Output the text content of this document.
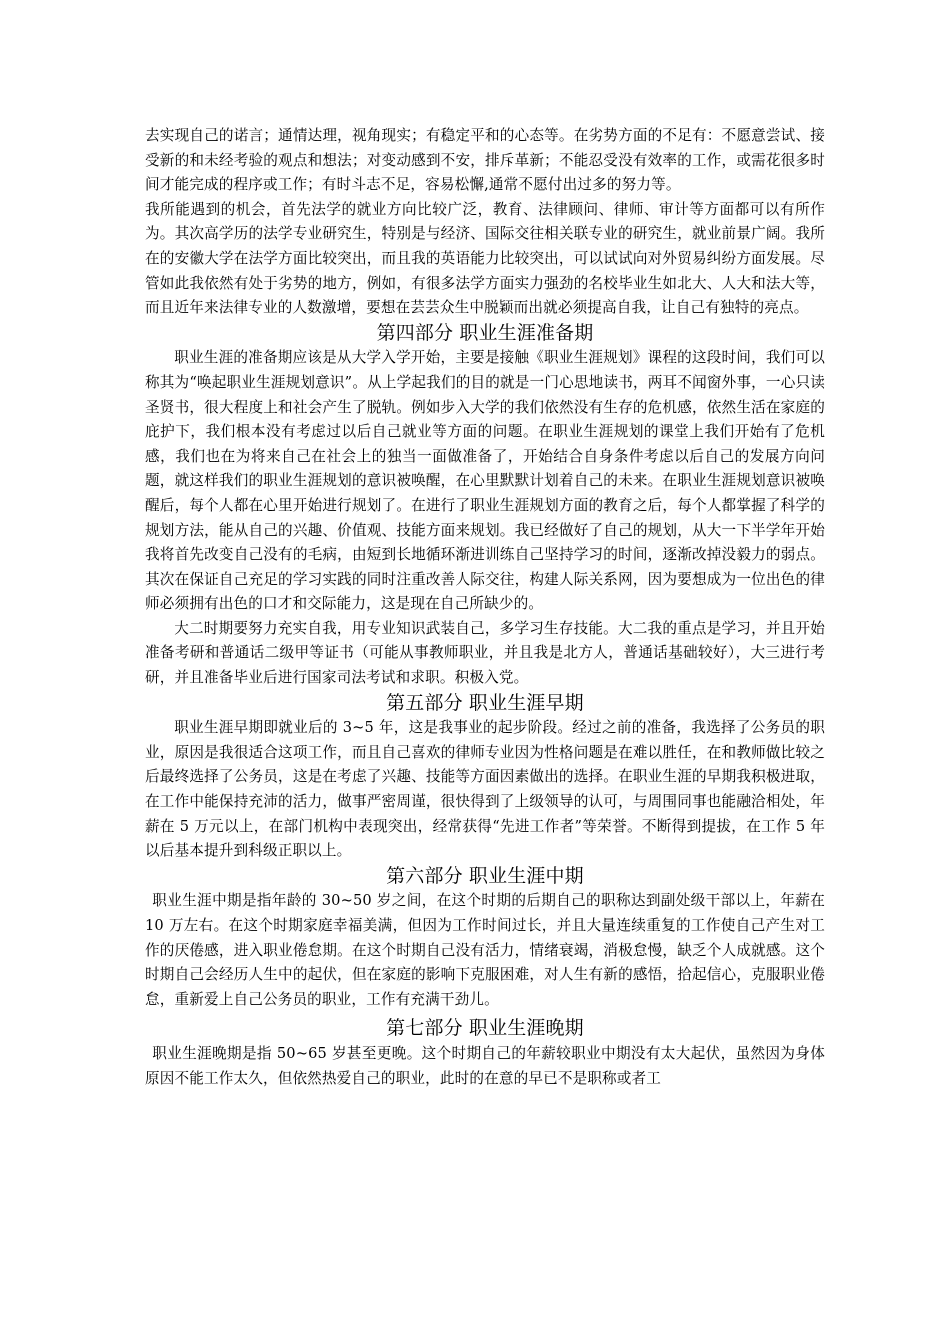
去实现自己的诺言；通情达理，视角现实；有稳定平和的心态等。在劣势方面的不足有：不愿意尝试、接受新的和未经考验的观点和想法；对变动感到不安，排斥革新；不能忍受没有效率的工作，或需花很多时间才能完成的程序或工作；有时斗志不足，容易松懈,通常不愿付出过多的努力等。

我所能遇到的机会，首先法学的就业方向比较广泛，教育、法律顾问、律师、审计等方面都可以有所作为。其次高学历的法学专业研究生，特别是与经济、国际交往相关联专业的研究生，就业前景广阔。我所在的安徽大学在法学方面比较突出，而且我的英语能力比较突出，可以试试向对外贸易纠纷方面发展。尽管如此我依然有处于劣势的地方，例如，有很多法学方面实力强劲的名校毕业生如北大、人大和法大等，而且近年来法律专业的人数激增，要想在芸芸众生中脱颖而出就必须提高自我，让自己有独特的亮点。

第四部分 职业生涯准备期

职业生涯的准备期应该是从大学入学开始，主要是接触《职业生涯规划》课程的这段时间，我们可以称其为“唤起职业生涯规划意识”。从上学起我们的目的就是一门心思地读书，两耳不闻窗外事，一心只读圣贤书，很大程度上和社会产生了脱轨。例如步入大学的我们依然没有生存的危机感，依然生活在家庭的庇护下，我们根本没有考虑过以后自己就业等方面的问题。在职业生涯规划的课堂上我们开始有了危机感，我们也在为将来自己在社会上的独当一面做准备了，开始结合自身条件考虑以后自己的发展方向问题，就这样我们的职业生涯规划的意识被唤醒，在心里默默计划着自己的未来。在职业生涯规划意识被唤醒后，每个人都在心里开始进行规划了。在进行了职业生涯规划方面的教育之后，每个人都掌握了科学的规划方法，能从自己的兴趣、价值观、技能方面来规划。我已经做好了自己的规划，从大一下半学年开始我将首先改变自己没有的毛病，由短到长地循环渐进训练自己坚持学习的时间，逐渐改掉没毅力的弱点。其次在保证自己充足的学习实践的同时注重改善人际交往，构建人际关系网，因为要想成为一位出色的律师必须拥有出色的口才和交际能力，这是现在自己所缺少的。

大二时期要努力充实自我，用专业知识武装自己，多学习生存技能。大二我的重点是学习，并且开始准备考研和普通话二级甲等证书（可能从事教师职业，并且我是北方人，普通话基础较好），大三进行考研，并且准备毕业后进行国家司法考试和求职。积极入党。

第五部分 职业生涯早期

职业生涯早期即就业后的 3~5 年，这是我事业的起步阶段。经过之前的准备，我选择了公务员的职业，原因是我很适合这项工作，而且自己喜欢的律师专业因为性格问题是在难以胜任，在和教师做比较之后最终选择了公务员，这是在考虑了兴趣、技能等方面因素做出的选择。在职业生涯的早期我积极进取，在工作中能保持充沛的活力，做事严密周谨，很快得到了上级领导的认可，与周围同事也能融洽相处，年薪在 5 万元以上，在部门机构中表现突出，经常获得“先进工作者”等荣誉。不断得到提拔，在工作 5 年以后基本提升到科级正职以上。

第六部分 职业生涯中期

职业生涯中期是指年龄的 30~50 岁之间，在这个时期的后期自己的职称达到副处级干部以上，年薪在 10 万左右。在这个时期家庭幸福美满，但因为工作时间过长，并且大量连续重复的工作使自己产生对工作的厌倦感，进入职业倦怠期。在这个时期自己没有活力，情绪衰竭，消极怠慢，缺乏个人成就感。这个时期自己会经历人生中的起伏，但在家庭的影响下克服困难，对人生有新的感悟，拾起信心，克服职业倦怠，重新爱上自己公务员的职业，工作有充满干劲儿。

第七部分 职业生涯晚期

职业生涯晚期是指 50~65 岁甚至更晚。这个时期自己的年薪较职业中期没有太大起伏，虽然因为身体原因不能工作太久，但依然热爱自己的职业，此时的在意的早已不是职称或者工
